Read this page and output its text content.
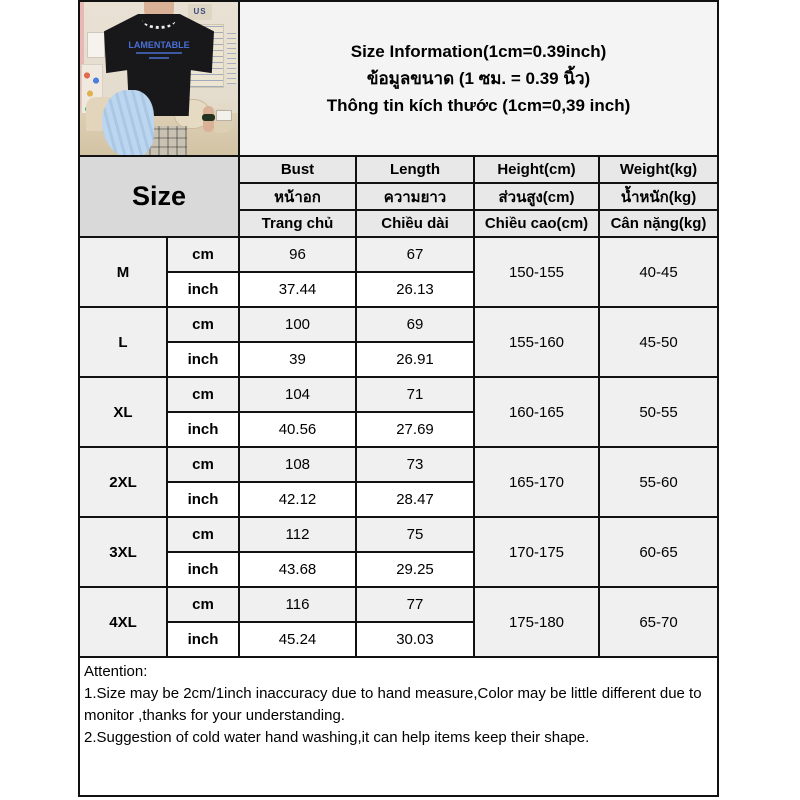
US
LAMENTABLE	Size Information(1cm=0.39inch)
ข้อมูลขนาด (1 ซม. = 0.39 นิ้ว)
Thông tin kích thước (1cm=0,39 inch)

Size		Bust	Length	Height(cm)	Weight(kg)
		หน้าอก	ความยาว	ส่วนสูง(cm)	น้ำหนัก(kg)
		Trang chủ	Chiều dài	Chiều cao(cm)	Cân nặng(kg)
M	cm	96	67	150-155	40-45
	inch	37.44	26.13		
L	cm	100	69	155-160	45-50
	inch	39	26.91		
XL	cm	104	71	160-165	50-55
	inch	40.56	27.69		
2XL	cm	108	73	165-170	55-60
	inch	42.12	28.47		
3XL	cm	112	75	170-175	60-65
	inch	43.68	29.25		
4XL	cm	116	77	175-180	65-70
	inch	45.24	30.03		

Attention:
1.Size may be 2cm/1inch inaccuracy due to hand measure,Color may be little different due to monitor ,thanks for your understanding.
2.Suggestion of cold water hand washing,it can help items keep their shape.					
